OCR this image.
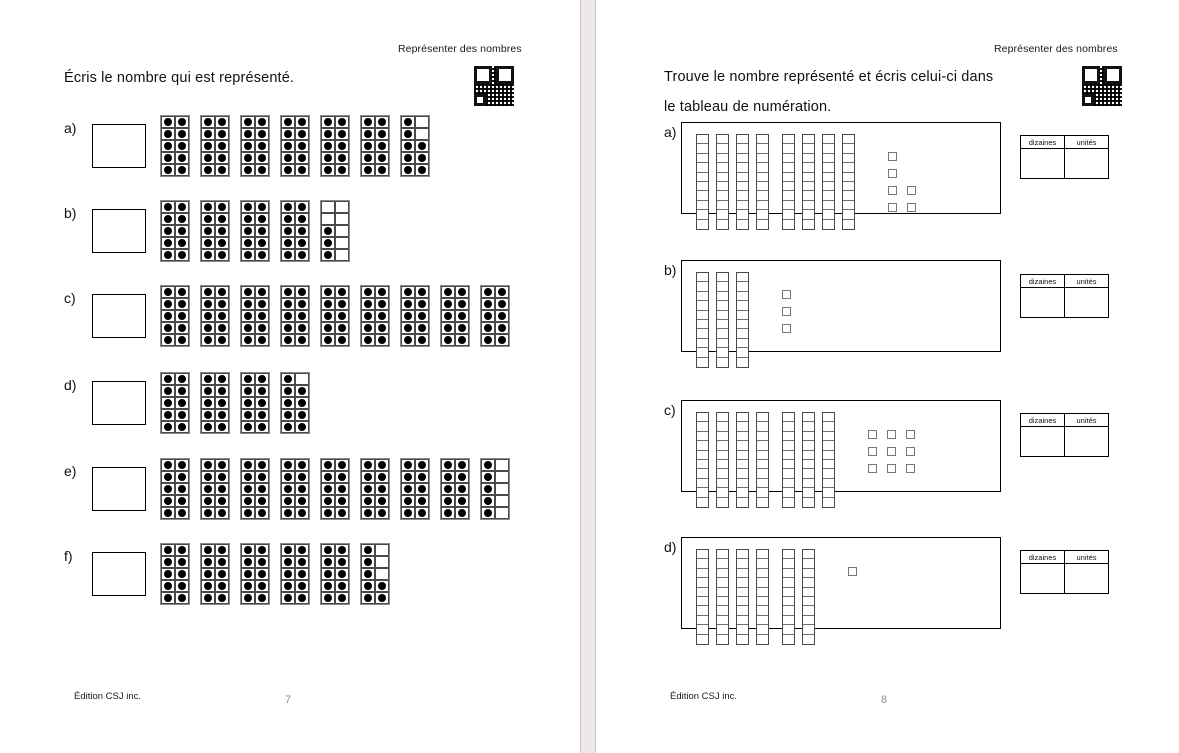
Représenter des nombres
Écris le nombre qui est représenté.
a)
b)
c)
d)
e)
f)
Édition CSJ inc.	7
Représenter des nombres
Trouve le nombre représenté et écris celui-ci dans
le tableau de numération.
a)
dizaines	unités

b)
dizaines	unités

c)
dizaines	unités

d)
dizaines	unités

Édition CSJ inc.	8
